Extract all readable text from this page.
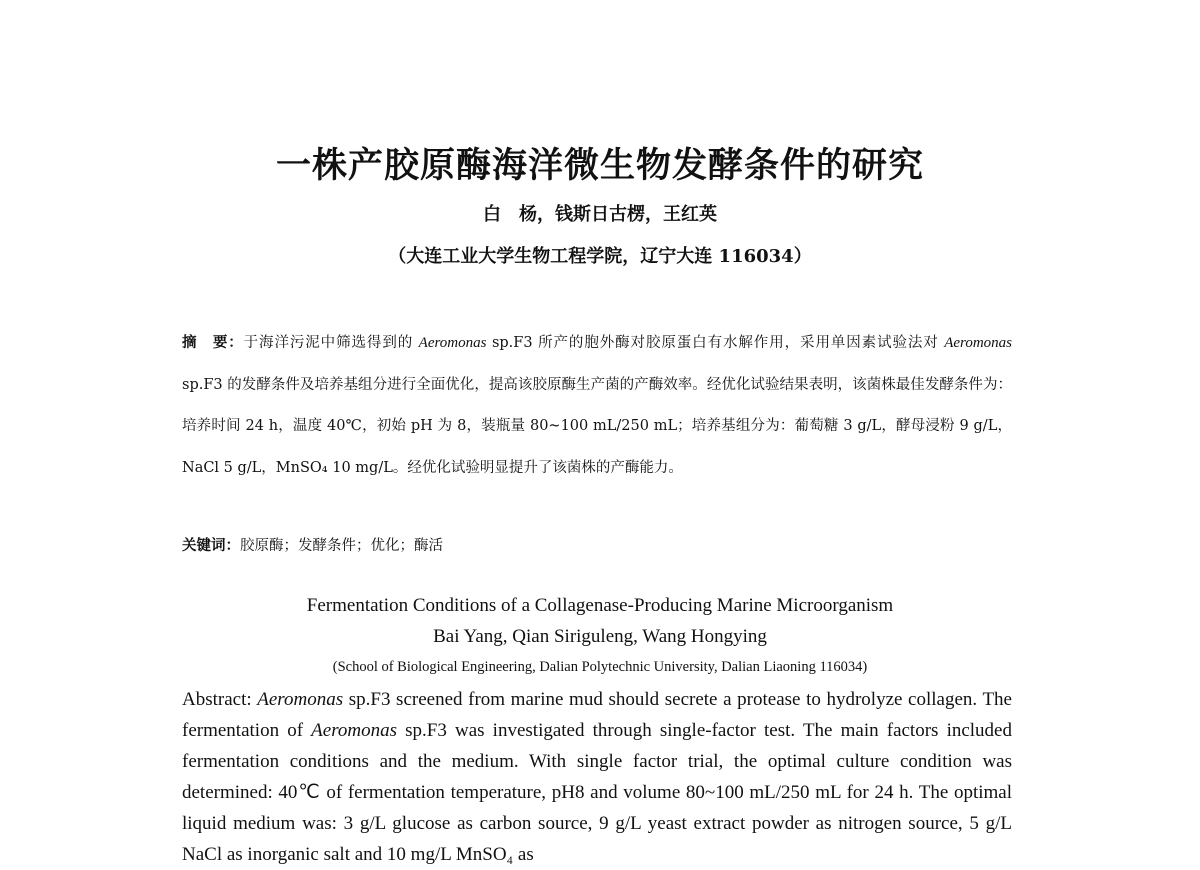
一株产胶原酶海洋微生物发酵条件的研究
白　杨，钱斯日古楞，王红英
（大连工业大学生物工程学院，辽宁大连 116034）
摘　要：于海洋污泥中筛选得到的 Aeromonas sp.F3 所产的胞外酶对胶原蛋白有水解作用，采用单因素试验法对 Aeromonas sp.F3 的发酵条件及培养基组分进行全面优化，提高该胶原酶生产菌的产酶效率。经优化试验结果表明，该菌株最佳发酵条件为：培养时间 24 h，温度 40℃，初始 pH 为 8，装瓶量 80~100 mL/250 mL；培养基组分为：葡萄糖 3 g/L，酵母浸粉 9 g/L，NaCl 5 g/L，MnSO₄ 10 mg/L。经优化试验明显提升了该菌株的产酶能力。
关键词：胶原酶；发酵条件；优化；酶活
Fermentation Conditions of a Collagenase-Producing Marine Microorganism
Bai Yang, Qian Siriguleng, Wang Hongying
(School of Biological Engineering, Dalian Polytechnic University, Dalian Liaoning 116034)
Abstract: Aeromonas sp.F3 screened from marine mud should secrete a protease to hydrolyze collagen. The fermentation of Aeromonas sp.F3 was investigated through single-factor test. The main factors included fermentation conditions and the medium. With single factor trial, the optimal culture condition was determined: 40℃ of fermentation temperature, pH8 and volume 80~100 mL/250 mL for 24 h. The optimal liquid medium was: 3 g/L glucose as carbon source, 9 g/L yeast extract powder as nitrogen source, 5 g/L NaCl as inorganic salt and 10 mg/L MnSO₄ as
